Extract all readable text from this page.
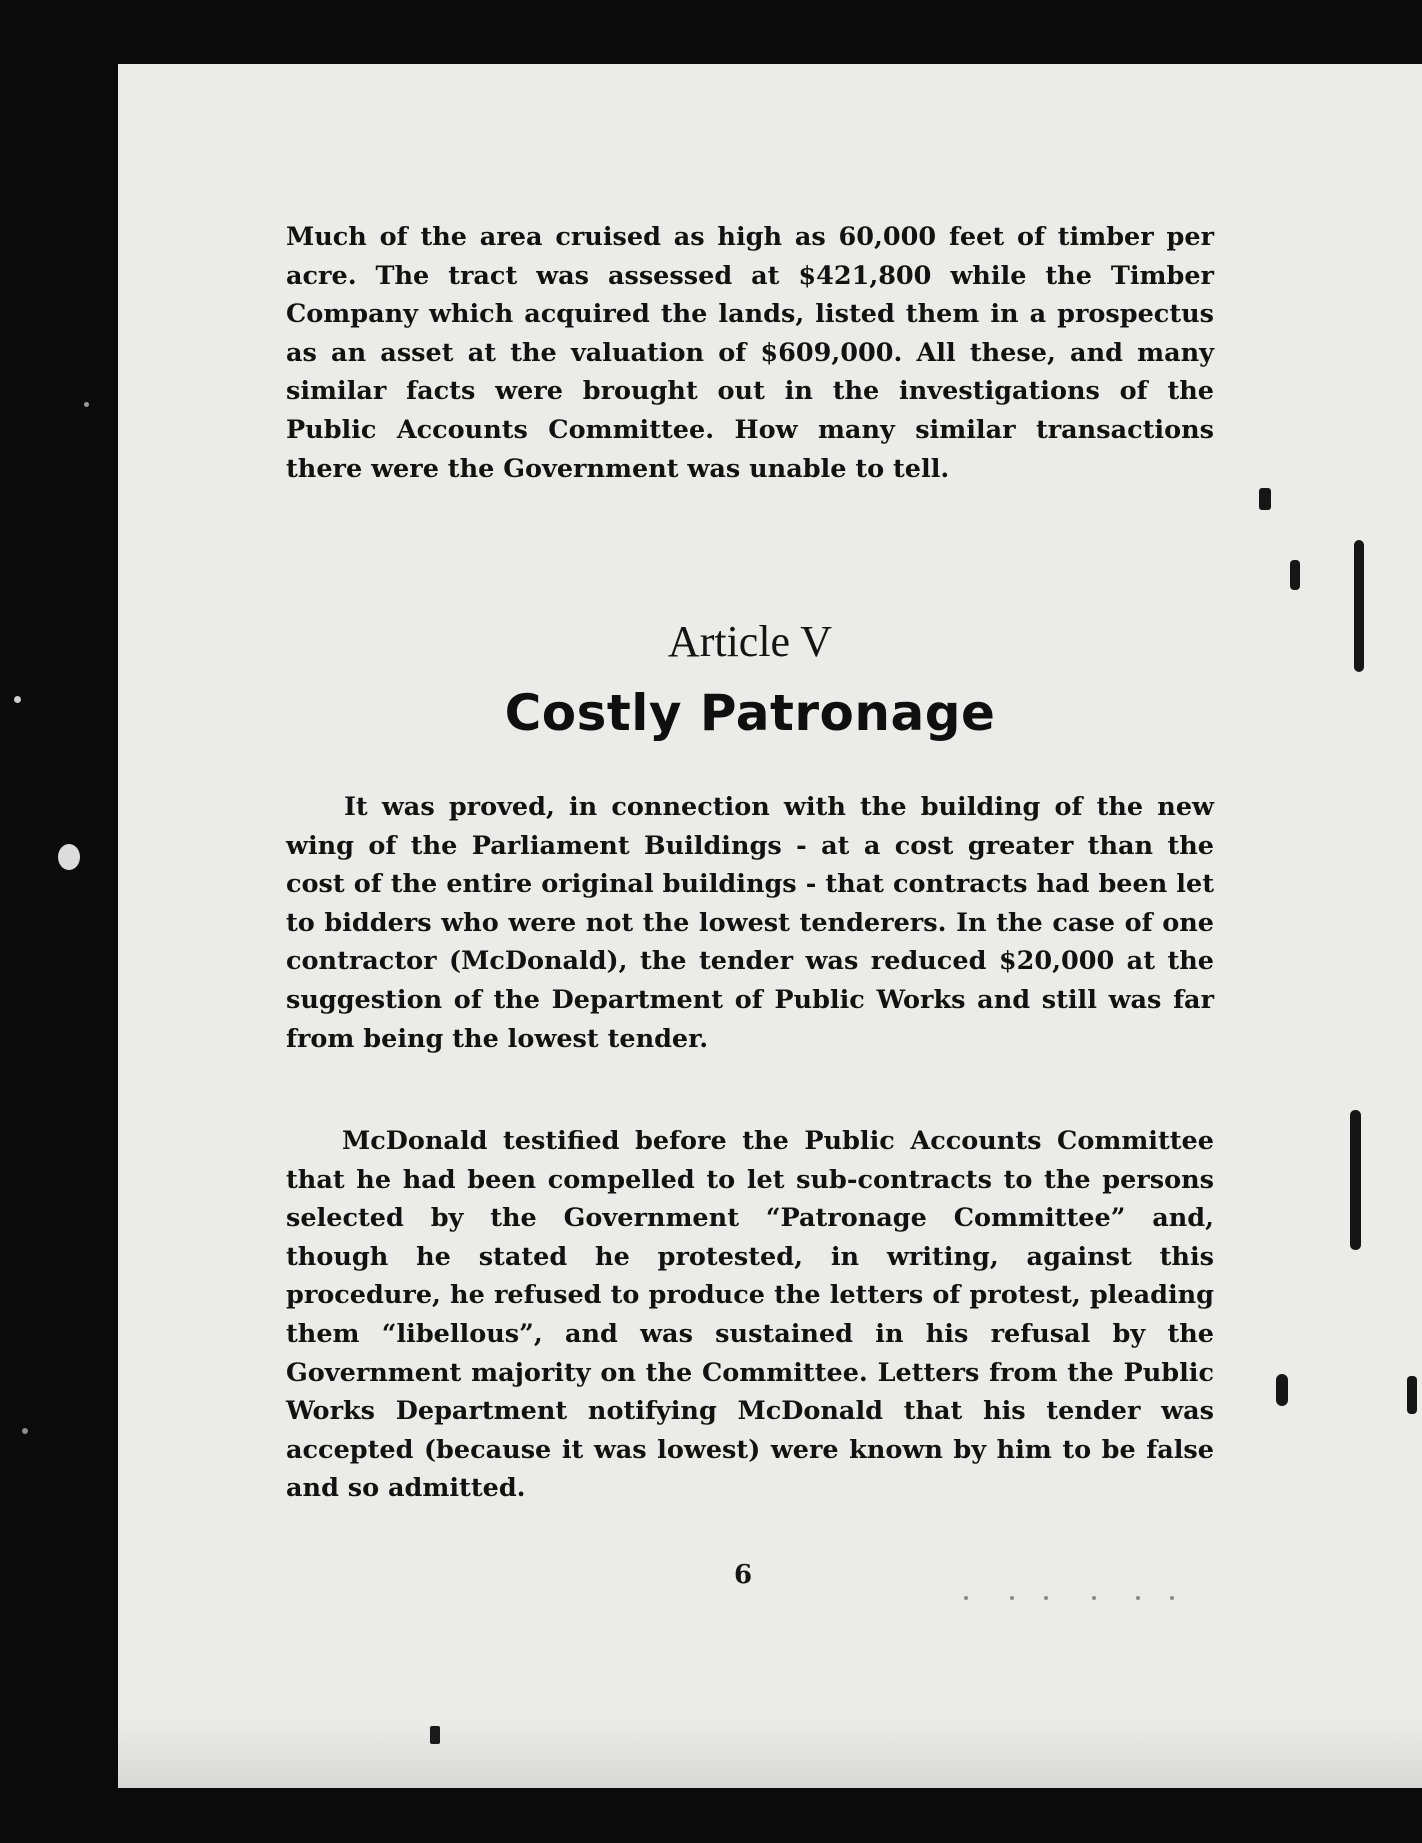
Much of the area cruised as high as 60,000 feet of timber per acre. The tract was assessed at $421,800 while the Timber Company which acquired the lands, listed them in a prospectus as an asset at the valuation of $609,000. All these, and many similar facts were brought out in the investigations of the Public Accounts Committee. How many similar transactions there were the Government was unable to tell.

Article V
Costly Patronage

It was proved, in connection with the building of the new wing of the Parliament Buildings - at a cost greater than the cost of the entire original buildings - that contracts had been let to bidders who were not the lowest tenderers. In the case of one contractor (McDonald), the tender was reduced $20,000 at the suggestion of the Department of Public Works and still was far from being the lowest tender.

McDonald testified before the Public Accounts Committee that he had been compelled to let sub-contracts to the persons selected by the Government “Patronage Committee” and, though he stated he protested, in writing, against this procedure, he refused to produce the letters of protest, pleading them “libellous”, and was sustained in his refusal by the Government majority on the Committee. Letters from the Public Works Department notifying McDonald that his tender was accepted (because it was lowest) were known by him to be false and so admitted.

6
